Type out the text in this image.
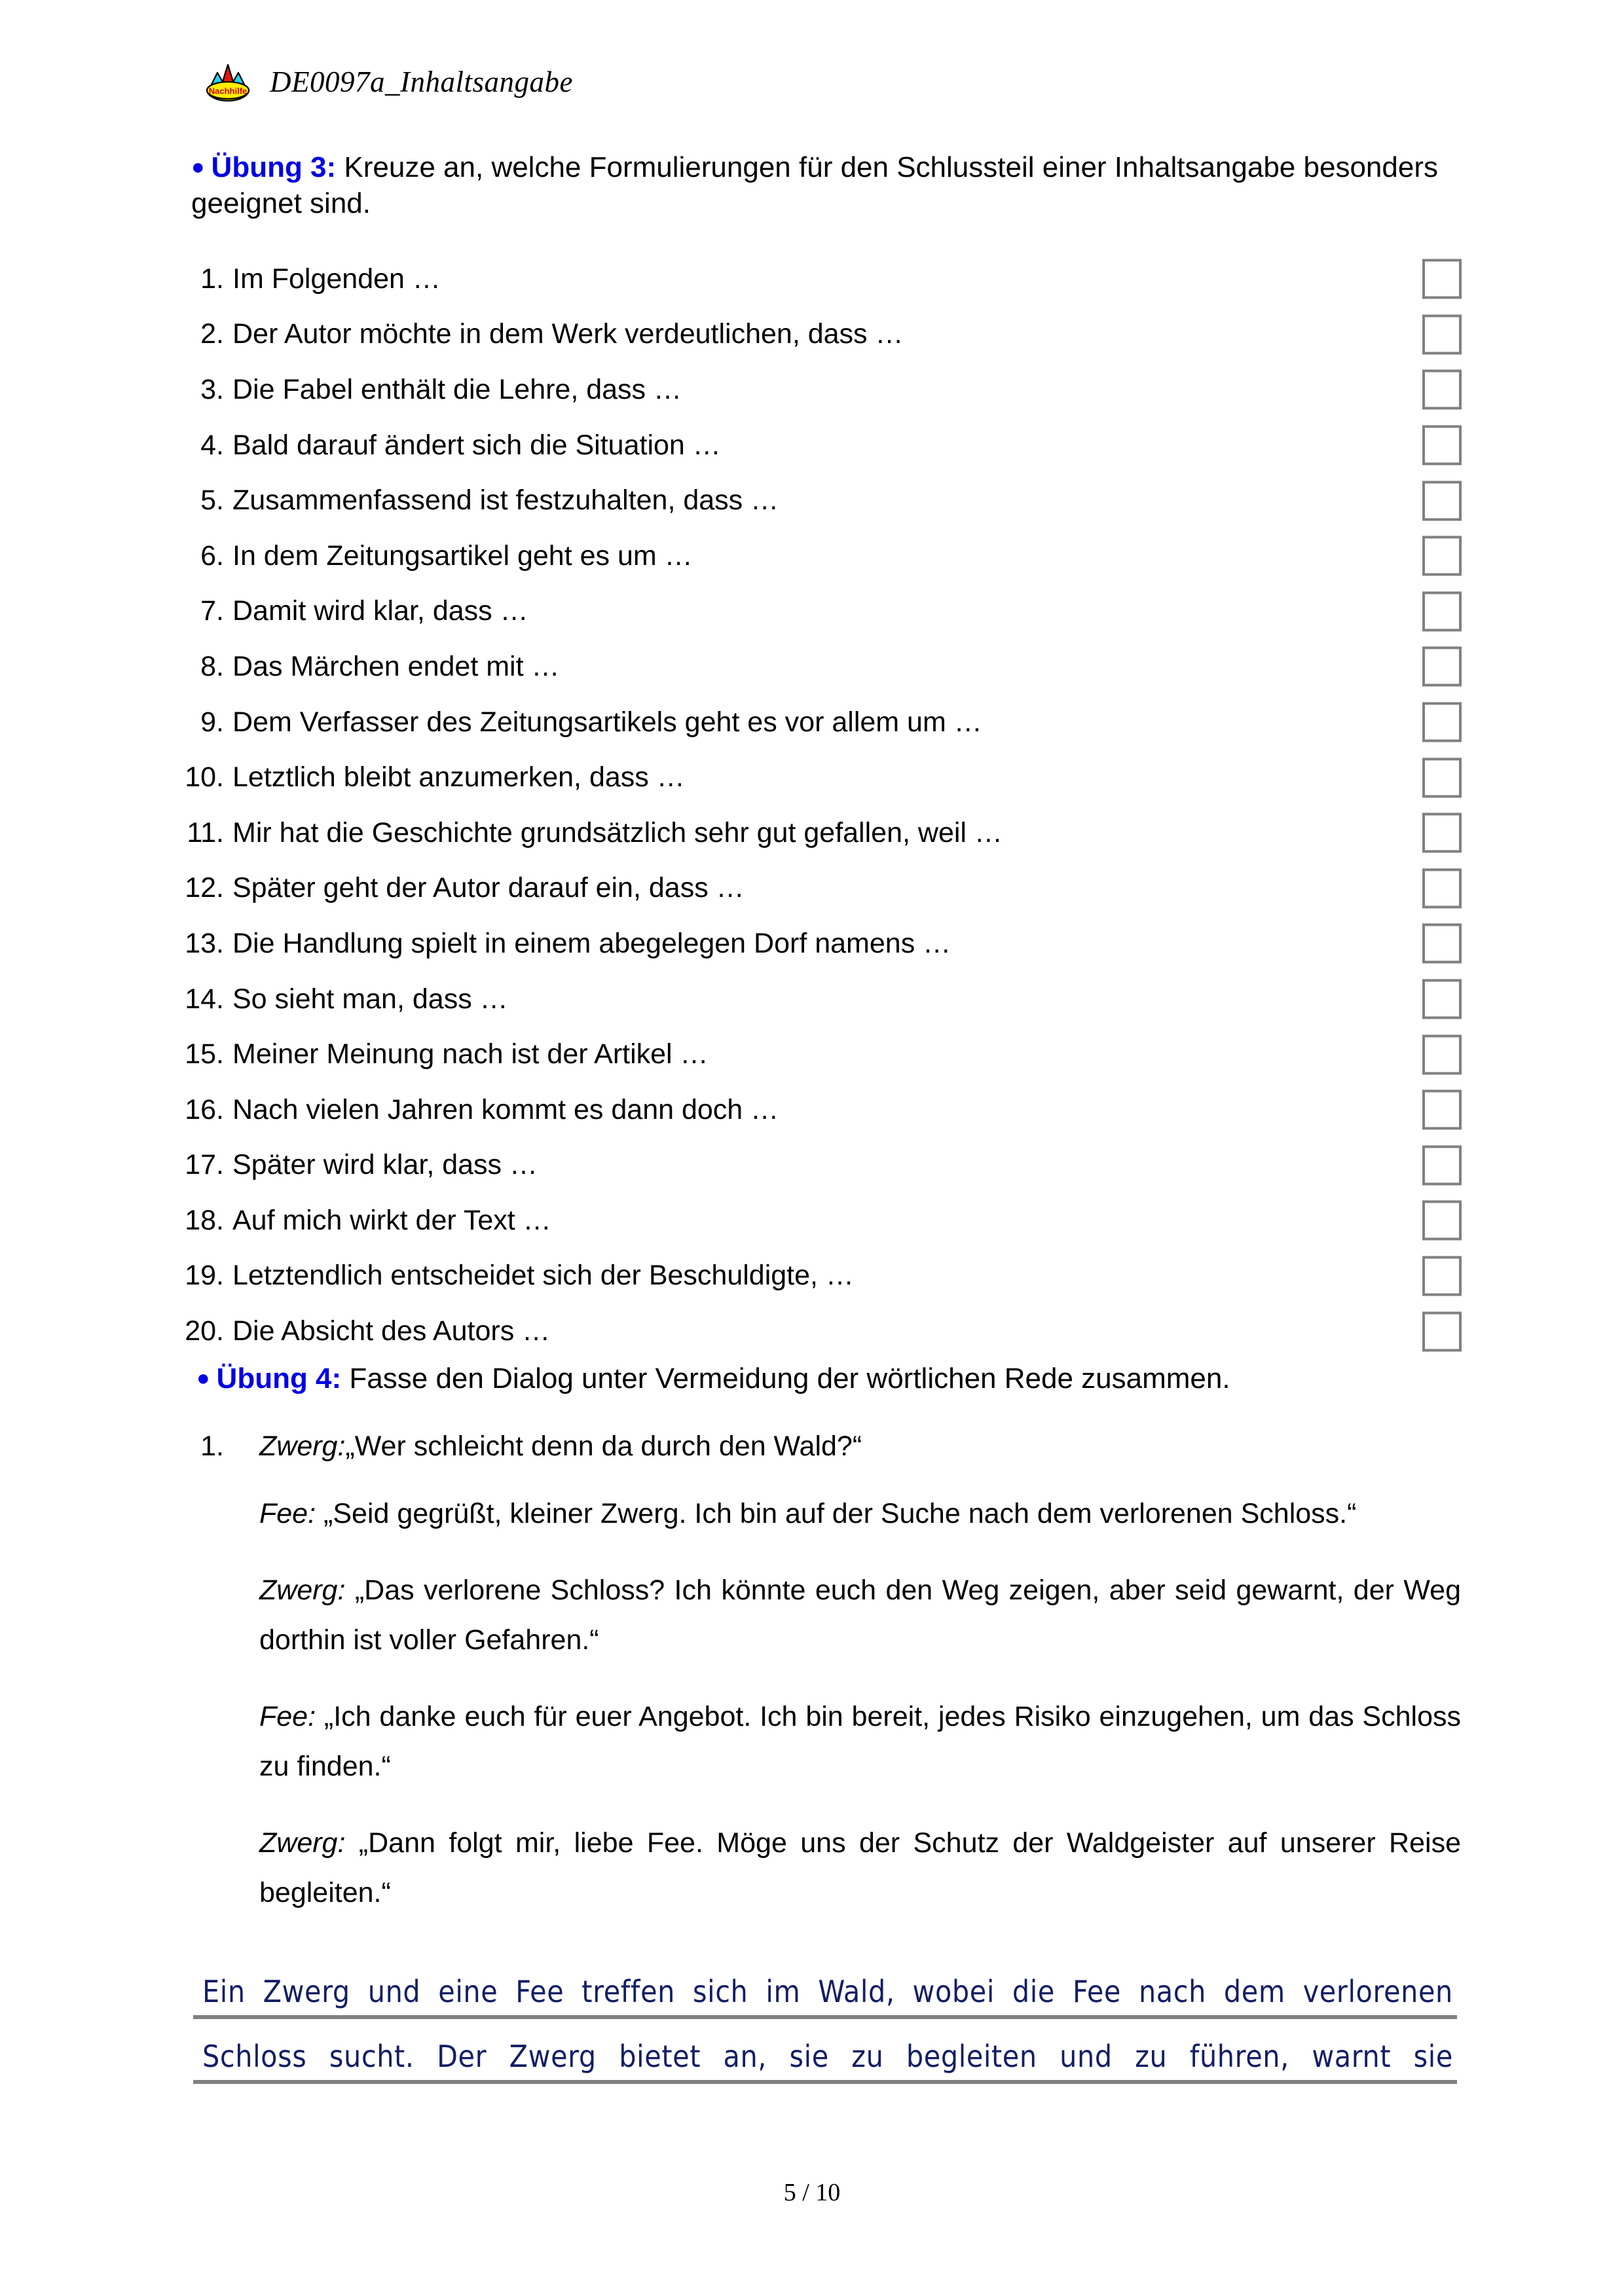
Nachhilfe DE0097a_Inhaltsangabe
● Übung 3: Kreuze an, welche Formulierungen für den Schlussteil einer Inhaltsangabe besonders geeignet sind.
1. Im Folgenden …
2. Der Autor möchte in dem Werk verdeutlichen, dass …
3. Die Fabel enthält die Lehre, dass …
4. Bald darauf ändert sich die Situation …
5. Zusammenfassend ist festzuhalten, dass …
6. In dem Zeitungsartikel geht es um …
7. Damit wird klar, dass …
8. Das Märchen endet mit …
9. Dem Verfasser des Zeitungsartikels geht es vor allem um …
10. Letztlich bleibt anzumerken, dass …
11. Mir hat die Geschichte grundsätzlich sehr gut gefallen, weil …
12. Später geht der Autor darauf ein, dass …
13. Die Handlung spielt in einem abegelegen Dorf namens …
14. So sieht man, dass …
15. Meiner Meinung nach ist der Artikel …
16. Nach vielen Jahren kommt es dann doch …
17. Später wird klar, dass …
18. Auf mich wirkt der Text …
19. Letztendlich entscheidet sich der Beschuldigte, …
20. Die Absicht des Autors …
● Übung 4: Fasse den Dialog unter Vermeidung der wörtlichen Rede zusammen.
1. Zwerg:„Wer schleicht denn da durch den Wald?“
Fee: „Seid gegrüßt, kleiner Zwerg. Ich bin auf der Suche nach dem verlorenen Schloss.“
Zwerg: „Das verlorene Schloss? Ich könnte euch den Weg zeigen, aber seid gewarnt, der Weg dorthin ist voller Gefahren.“
Fee: „Ich danke euch für euer Angebot. Ich bin bereit, jedes Risiko einzugehen, um das Schloss zu finden.“
Zwerg: „Dann folgt mir, liebe Fee. Möge uns der Schutz der Waldgeister auf unserer Reise begleiten.“
Ein Zwerg und eine Fee treffen sich im Wald, wobei die Fee nach dem verlorenen
Schloss sucht. Der Zwerg bietet an, sie zu begleiten und zu führen, warnt sie
5 / 10
